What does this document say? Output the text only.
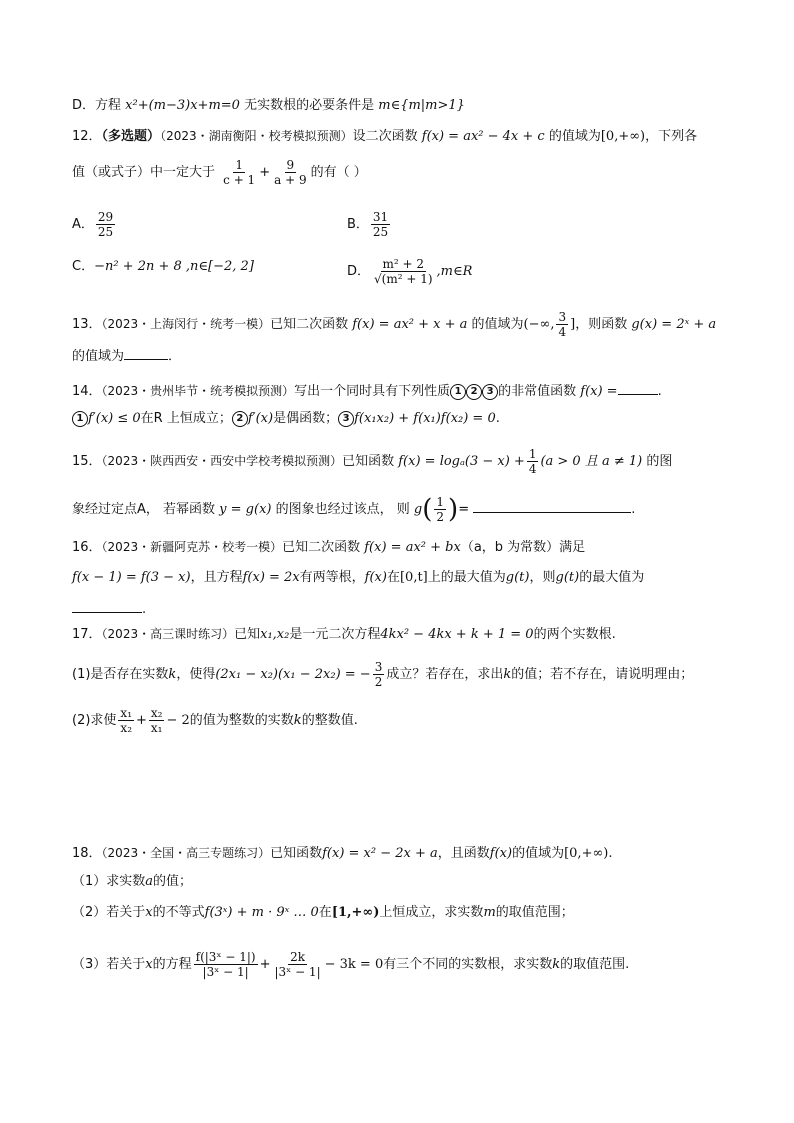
D．方程 x²+(m−3)x+m=0 无实数根的必要条件是 m∈{m|m>1}
12．（多选题）（2023・湖南衡阳・校考模拟预测）设二次函数 f(x) = ax² − 4x + c 的值域为[0,+∞)，下列各
值（或式子）中一定大于 $\frac{1}{c + 1} + \frac{9}{a + 9}$ 的有（ ）
A． $\frac{29}{25}$	B． $\frac{31}{25}$
C．−n² + 2n + 8 ,n∈[−2, 2]	D． $\frac{\text{m² + 2}}{\text{√(m² + 1)}}$ ,m∈R
13．（2023・上海闵行・统考一模）已知二次函数 f(x) = ax² + x + a 的值域为(−∞, $\frac{3}{4}$ ]，则函数 g(x) = 2ˣ + a
的值域为	．
14．（2023・贵州毕节・统考模拟预测）写出一个同时具有下列性质 1 2 3 的非常值函数 f(x) =	.
1 f′(x) ≤ 0在R 上恒成立； 2 f′(x)是偶函数； 3 f(x₁x₂) + f(x₁)f(x₂) = 0.
15．（2023・陕西西安・西安中学校考模拟预测）已知函数 $f(x) = \log_a(3 - x) + \frac{1}{4} (a > 0$ 且 a ≠ 1) 的图
象经过定点A， 若幂函数 y = g(x) 的图象也经过该点， 则 $g( \frac{1}{2}$ )=	.
16．（2023・新疆阿克苏・校考一模）已知二次函数 f(x) = ax² + bx（a，b 为常数）满足
f(x − 1) = f(3 − x)，且方程f(x) = 2x有两等根，f(x)在[0,t]上的最大值为g(t)，则g(t)的最大值为
.
17．（2023・高三课时练习）已知x₁,x₂是一元二次方程4kx² − 4kx + k + 1 = 0的两个实数根.
(1)是否存在实数k，使得(2x₁ − x₂)(x₁ − 2x₂) = − $\frac{3}{2}$ 成立？若存在，求出k的值；若不存在，请说明理由；
(2)求使 $\frac{\text{x₁}}{\text{x₂}} + \frac{\text{x₂}}{\text{x₁}} - 2$的值为整数的实数k的整数值.
18．（2023・全国・高三专题练习）已知函数f(x) = x² − 2x + a，且函数f(x)的值域为[0,+∞).
（1）求实数a的值；
（2）若关于x的不等式f(3ˣ) + m · 9ˣ … 0在[1,+∞)上恒成立，求实数m的取值范围；
（3）若关于x的方程 $\frac{\text{f(|3ˣ − 1|)}}{\text{|3ˣ − 1|}} + \frac{2k}{\text{|3ˣ − 1|}} - 3k = 0$有三个不同的实数根，求实数k的取值范围.
